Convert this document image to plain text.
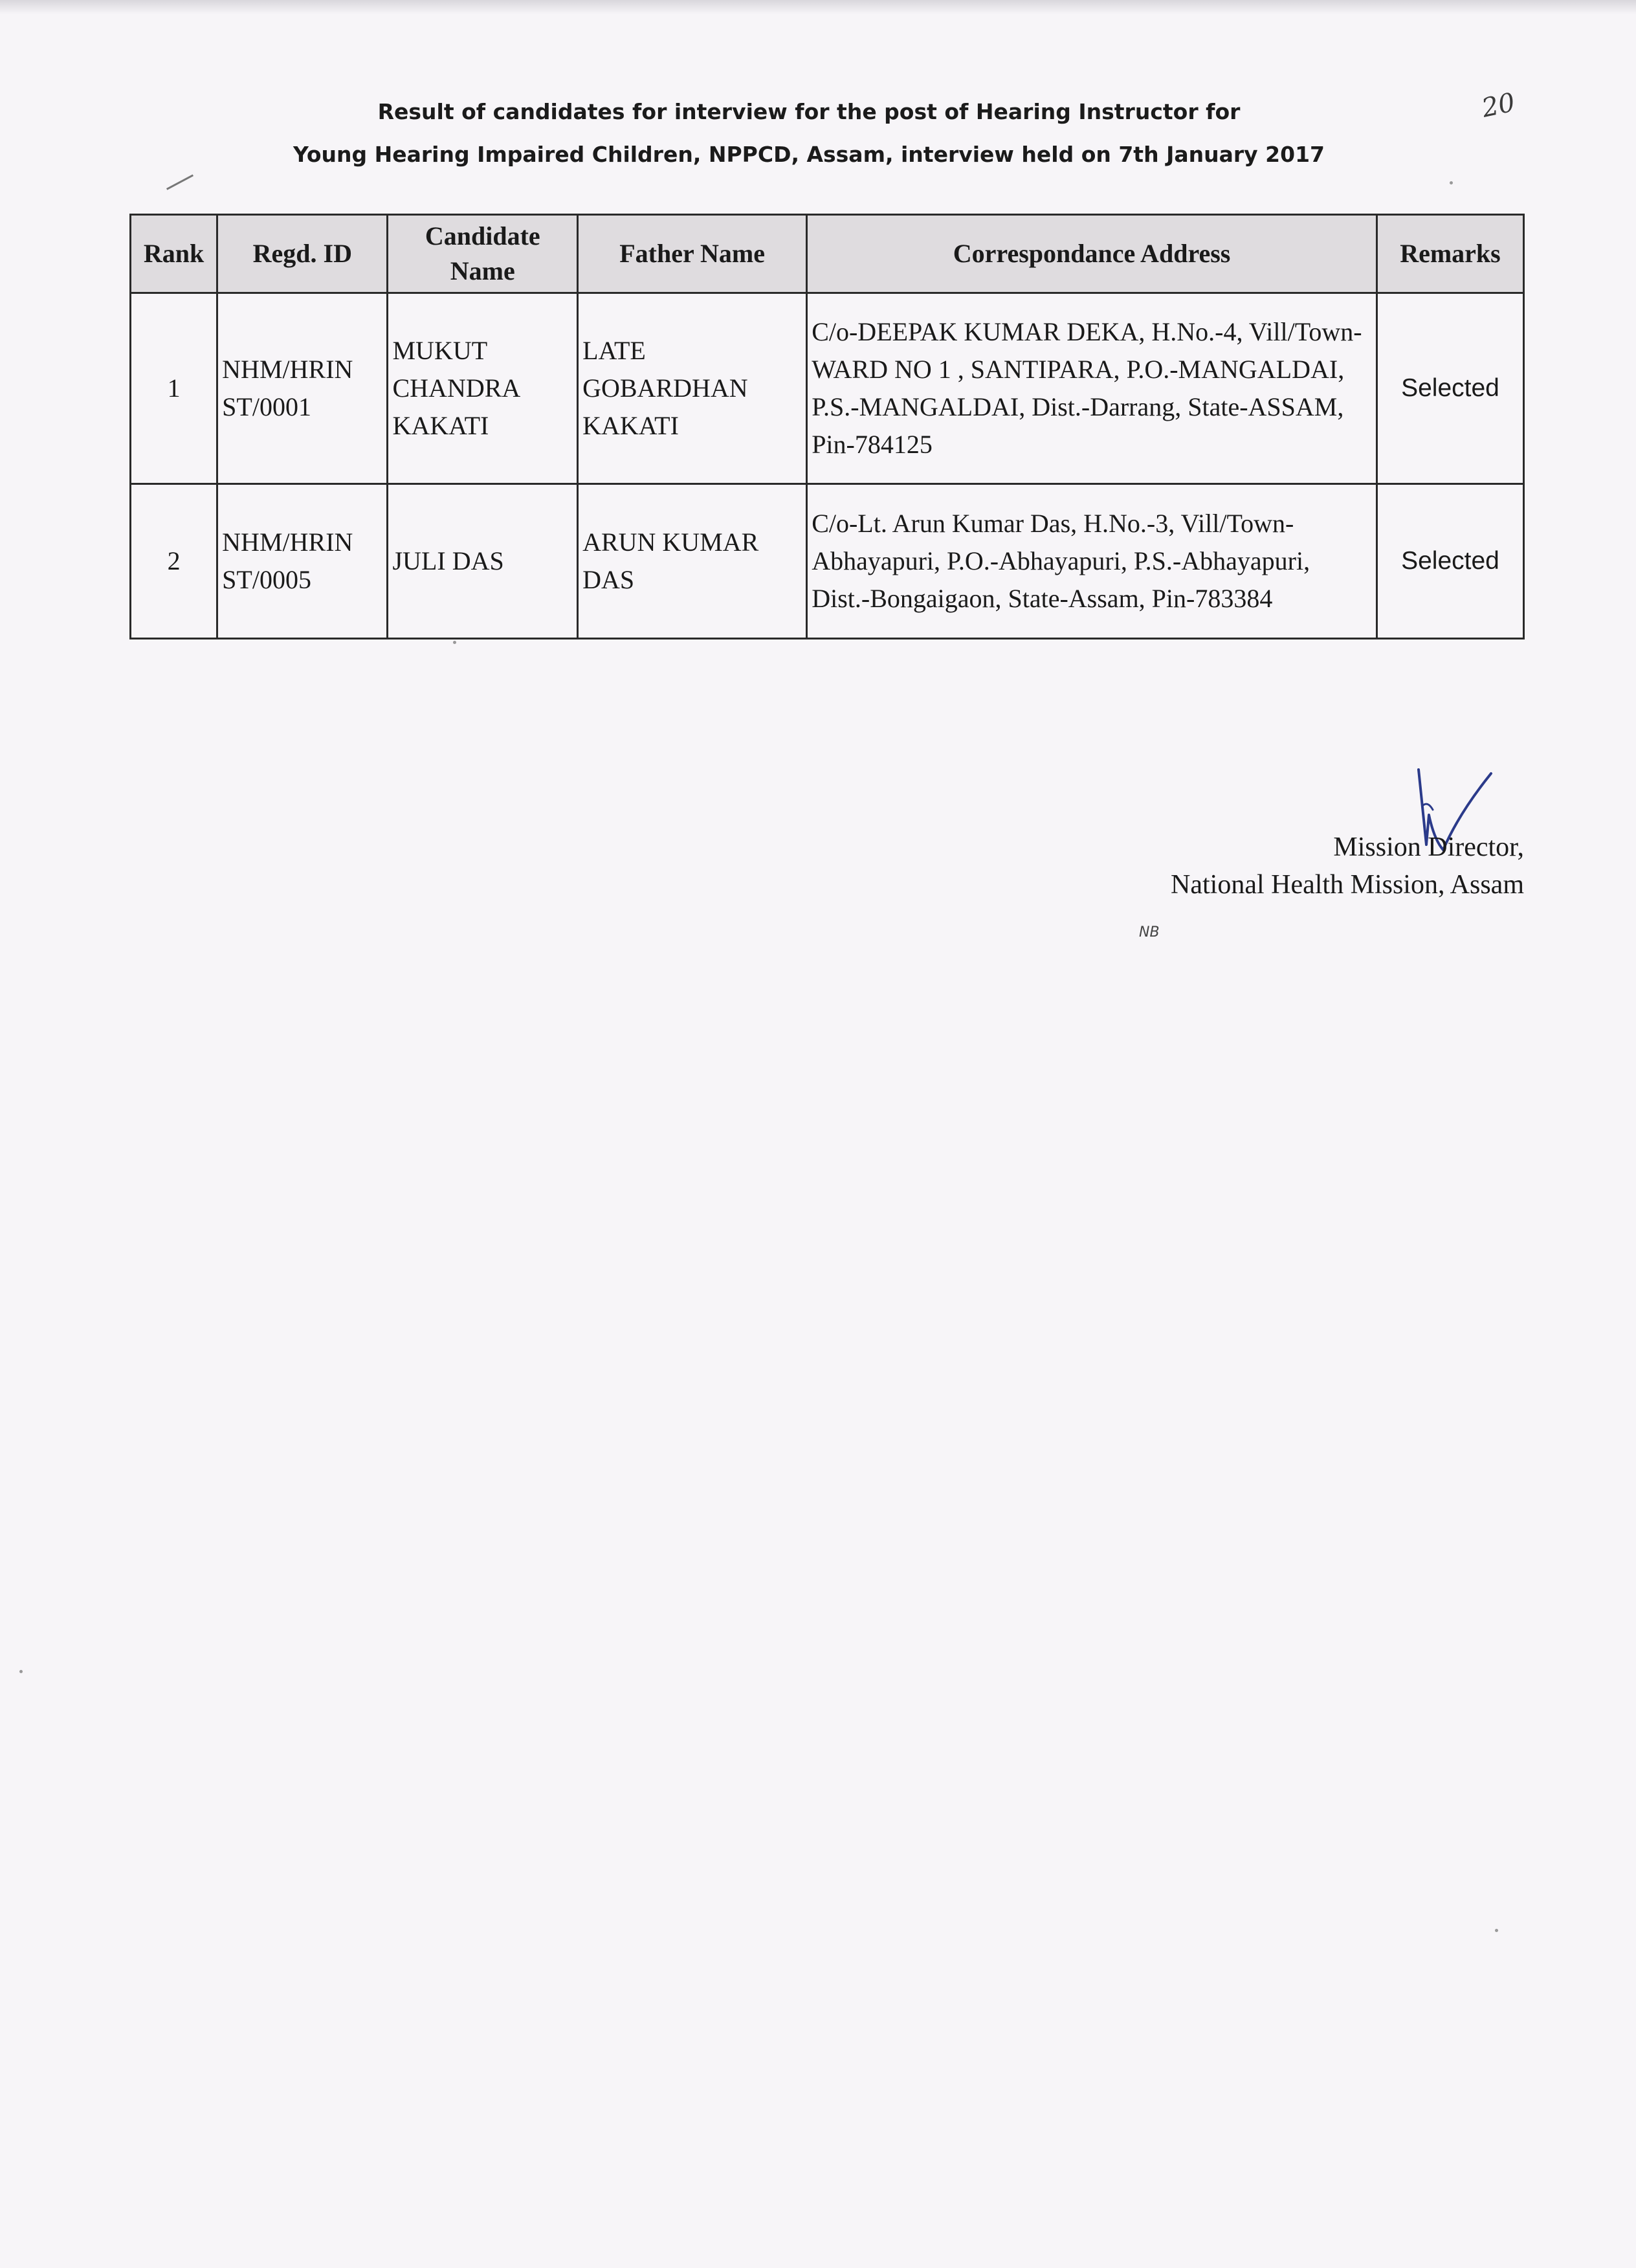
Result of candidates for interview for the post of Hearing Instructor for
Young Hearing Impaired Children, NPPCD, Assam, interview held on 7th January 2017
20
Rank	Regd. ID	Candidate Name	Father Name	Correspondance Address	Remarks
1	NHM/HRIN ST/0001	MUKUT CHANDRA KAKATI	LATE GOBARDHAN KAKATI	C/o-DEEPAK KUMAR DEKA, H.No.-4, Vill/Town-WARD NO 1 , SANTIPARA, P.O.-MANGALDAI, P.S.-MANGALDAI, Dist.-Darrang, State-ASSAM, Pin-784125	Selected
2	NHM/HRIN ST/0005	JULI DAS	ARUN KUMAR DAS	C/o-Lt. Arun Kumar Das, H.No.-3, Vill/Town-Abhayapuri, P.O.-Abhayapuri, P.S.-Abhayapuri, Dist.-Bongaigaon, State-Assam, Pin-783384	Selected
Mission Director,
National Health Mission, Assam
NB
